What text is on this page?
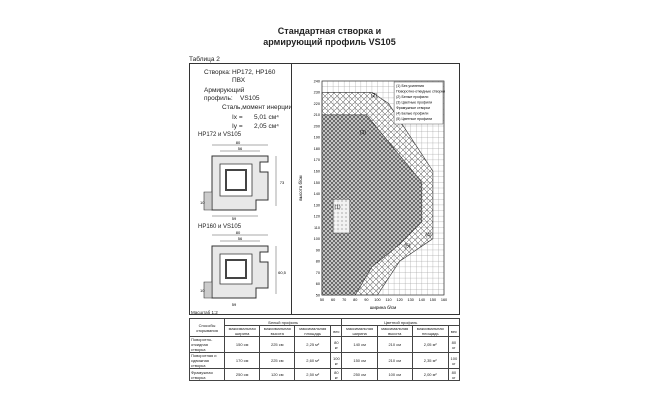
Стандартная створка и
армирующий профиль VS105
Таблица 2
Створка: HP172, HP160
ПВХ
Армирующий
профиль: VS105
Сталь,момент инерции
Ix = 5,01 см⁴
Iy = 2,05 см⁴
HP172 и VS105
HP160 и VS105
80
56
73
59
10
80
56
60,5
59
10
Масштаб 1:2
(1)
(2)
(3)
(4)
(5)
50 60 70 80 90 100 110 120 130 140 150 160
50
60
70
80
90
100
110
120
130
140
150
160
170
180
190
200
210
220
230
240
(1) Без усиления
Поворотно-откидные створки
(2) Белые профили
(3) Цветные профили
Фрамужные створки
(4) Белые профили
(5) Цветные профили
ширина б/см
высота б/см
Способы открывания	Белый профиль				Цветной профиль			
	максимальная ширина	максимальная высота	максимальная площадь	вес	максимальная ширина	максимальная высота	максимальная площадь	вес
Поворотно-откидная створка	150 см	225 см	2,25 м²	80 кг	140 см	210 см	2,05 м²	80 кг
Поворотная и сдвижная створка	170 см	225 см	2,60 м²	100 кг	150 см	210 см	2,35 м²	100 кг
Фрамужная створка	250 см	120 см	2,50 м²	80 кг	250 см	100 см	2,00 м²	80 кг
